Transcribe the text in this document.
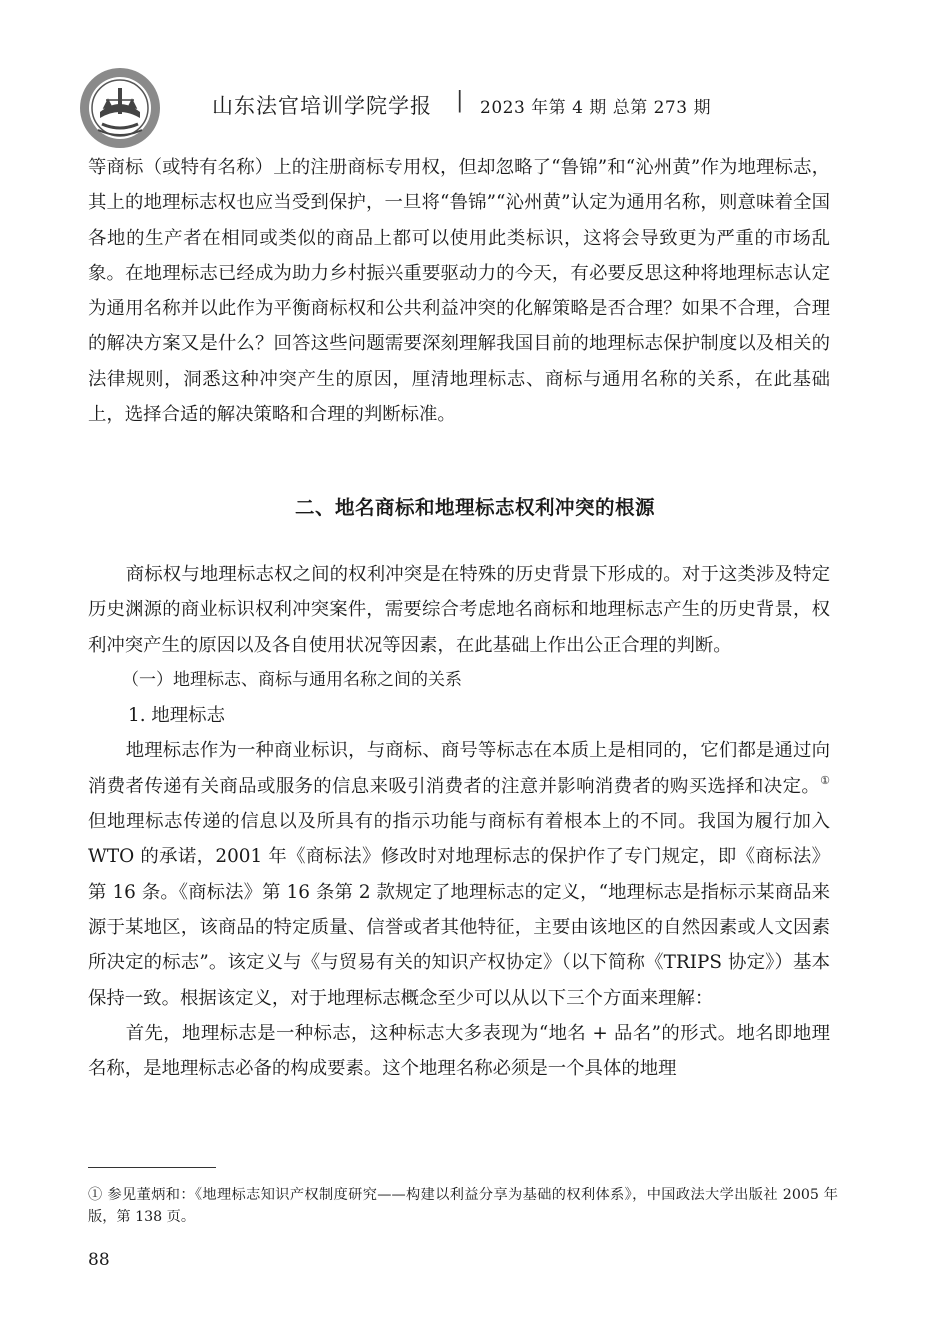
山东法官培训学院学报 | 2023 年第 4 期 总第 273 期

等商标（或特有名称）上的注册商标专用权，但却忽略了“鲁锦”和“沁州黄”作为地理标志，其上的地理标志权也应当受到保护，一旦将“鲁锦”“沁州黄”认定为通用名称，则意味着全国各地的生产者在相同或类似的商品上都可以使用此类标识，这将会导致更为严重的市场乱象。在地理标志已经成为助力乡村振兴重要驱动力的今天，有必要反思这种将地理标志认定为通用名称并以此作为平衡商标权和公共利益冲突的化解策略是否合理？如果不合理，合理的解决方案又是什么？回答这些问题需要深刻理解我国目前的地理标志保护制度以及相关的法律规则，洞悉这种冲突产生的原因，厘清地理标志、商标与通用名称的关系，在此基础上，选择合适的解决策略和合理的判断标准。

二、地名商标和地理标志权利冲突的根源

商标权与地理标志权之间的权利冲突是在特殊的历史背景下形成的。对于这类涉及特定历史渊源的商业标识权利冲突案件，需要综合考虑地名商标和地理标志产生的历史背景，权利冲突产生的原因以及各自使用状况等因素，在此基础上作出公正合理的判断。

（一）地理标志、商标与通用名称之间的关系

1. 地理标志

地理标志作为一种商业标识，与商标、商号等标志在本质上是相同的，它们都是通过向消费者传递有关商品或服务的信息来吸引消费者的注意并影响消费者的购买选择和决定。①但地理标志传递的信息以及所具有的指示功能与商标有着根本上的不同。我国为履行加入 WTO 的承诺，2001 年《商标法》修改时对地理标志的保护作了专门规定，即《商标法》第 16 条。《商标法》第 16 条第 2 款规定了地理标志的定义，“地理标志是指标示某商品来源于某地区，该商品的特定质量、信誉或者其他特征，主要由该地区的自然因素或人文因素所决定的标志”。该定义与《与贸易有关的知识产权协定》（以下简称《TRIPS 协定》）基本保持一致。根据该定义，对于地理标志概念至少可以从以下三个方面来理解：

首先，地理标志是一种标志，这种标志大多表现为“地名 + 品名”的形式。地名即地理名称，是地理标志必备的构成要素。这个地理名称必须是一个具体的地理

① 参见董炳和：《地理标志知识产权制度研究——构建以利益分享为基础的权利体系》，中国政法大学出版社 2005 年版，第 138 页。
88
